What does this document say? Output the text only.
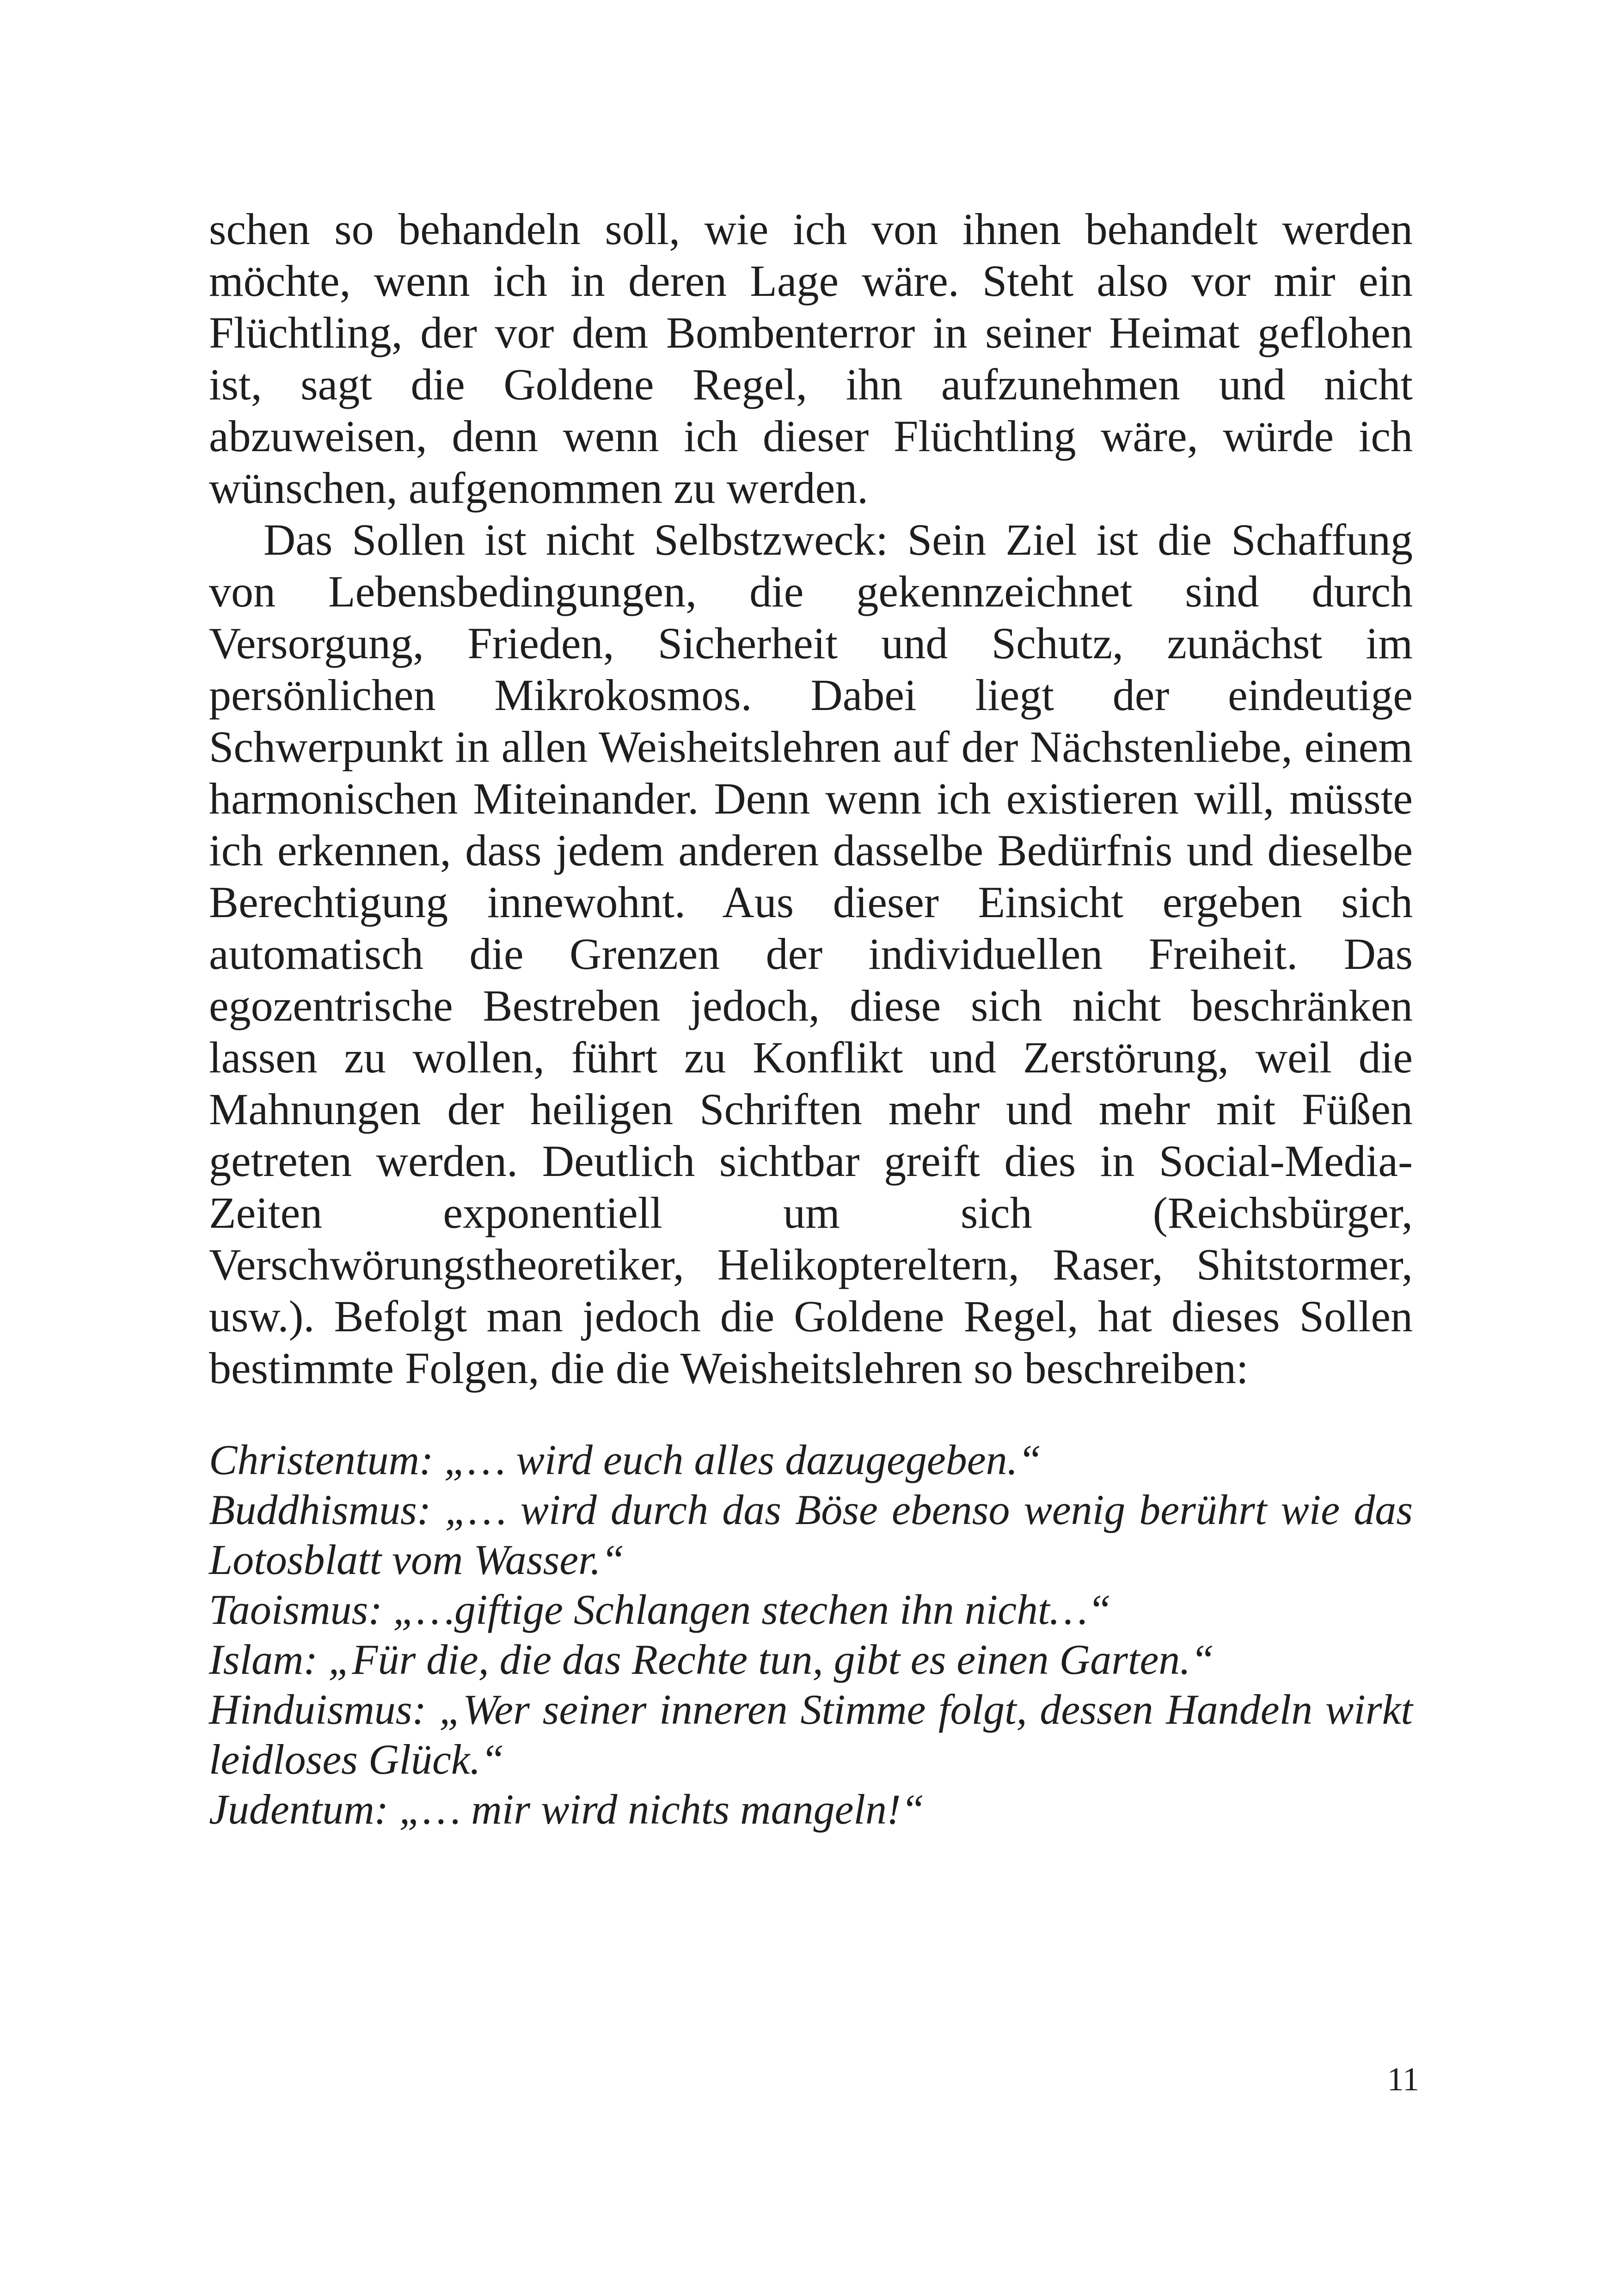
schen so behandeln soll, wie ich von ihnen behandelt werden möchte, wenn ich in deren Lage wäre. Steht also vor mir ein Flüchtling, der vor dem Bombenterror in seiner Heimat geflohen ist, sagt die Goldene Regel, ihn aufzunehmen und nicht abzuweisen, denn wenn ich dieser Flüchtling wäre, würde ich wünschen, aufgenommen zu werden.

Das Sollen ist nicht Selbstzweck: Sein Ziel ist die Schaffung von Lebensbedingungen, die gekennzeichnet sind durch Versorgung, Frieden, Sicherheit und Schutz, zunächst im persönlichen Mikrokosmos. Dabei liegt der eindeutige Schwerpunkt in allen Weisheitslehren auf der Nächstenliebe, einem harmonischen Miteinander. Denn wenn ich existieren will, müsste ich erkennen, dass jedem anderen dasselbe Bedürfnis und dieselbe Berechtigung innewohnt. Aus dieser Einsicht ergeben sich automatisch die Grenzen der individuellen Freiheit. Das egozentrische Bestreben jedoch, diese sich nicht beschränken lassen zu wollen, führt zu Konflikt und Zerstörung, weil die Mahnungen der heiligen Schriften mehr und mehr mit Füßen getreten werden. Deutlich sichtbar greift dies in Social-Media-Zeiten exponentiell um sich (Reichsbürger, Verschwörungstheoretiker, Helikoptereltern, Raser, Shitstormer, usw.). Befolgt man jedoch die Goldene Regel, hat dieses Sollen bestimmte Folgen, die die Weisheitslehren so beschreiben:

Christentum: „… wird euch alles dazugegeben.“

Buddhismus: „… wird durch das Böse ebenso wenig berührt wie das Lotosblatt vom Wasser.“

Taoismus: „…giftige Schlangen stechen ihn nicht…“

Islam: „Für die, die das Rechte tun, gibt es einen Garten.“

Hinduismus: „Wer seiner inneren Stimme folgt, dessen Handeln wirkt leidloses Glück.“

Judentum: „… mir wird nichts mangeln!“

11
